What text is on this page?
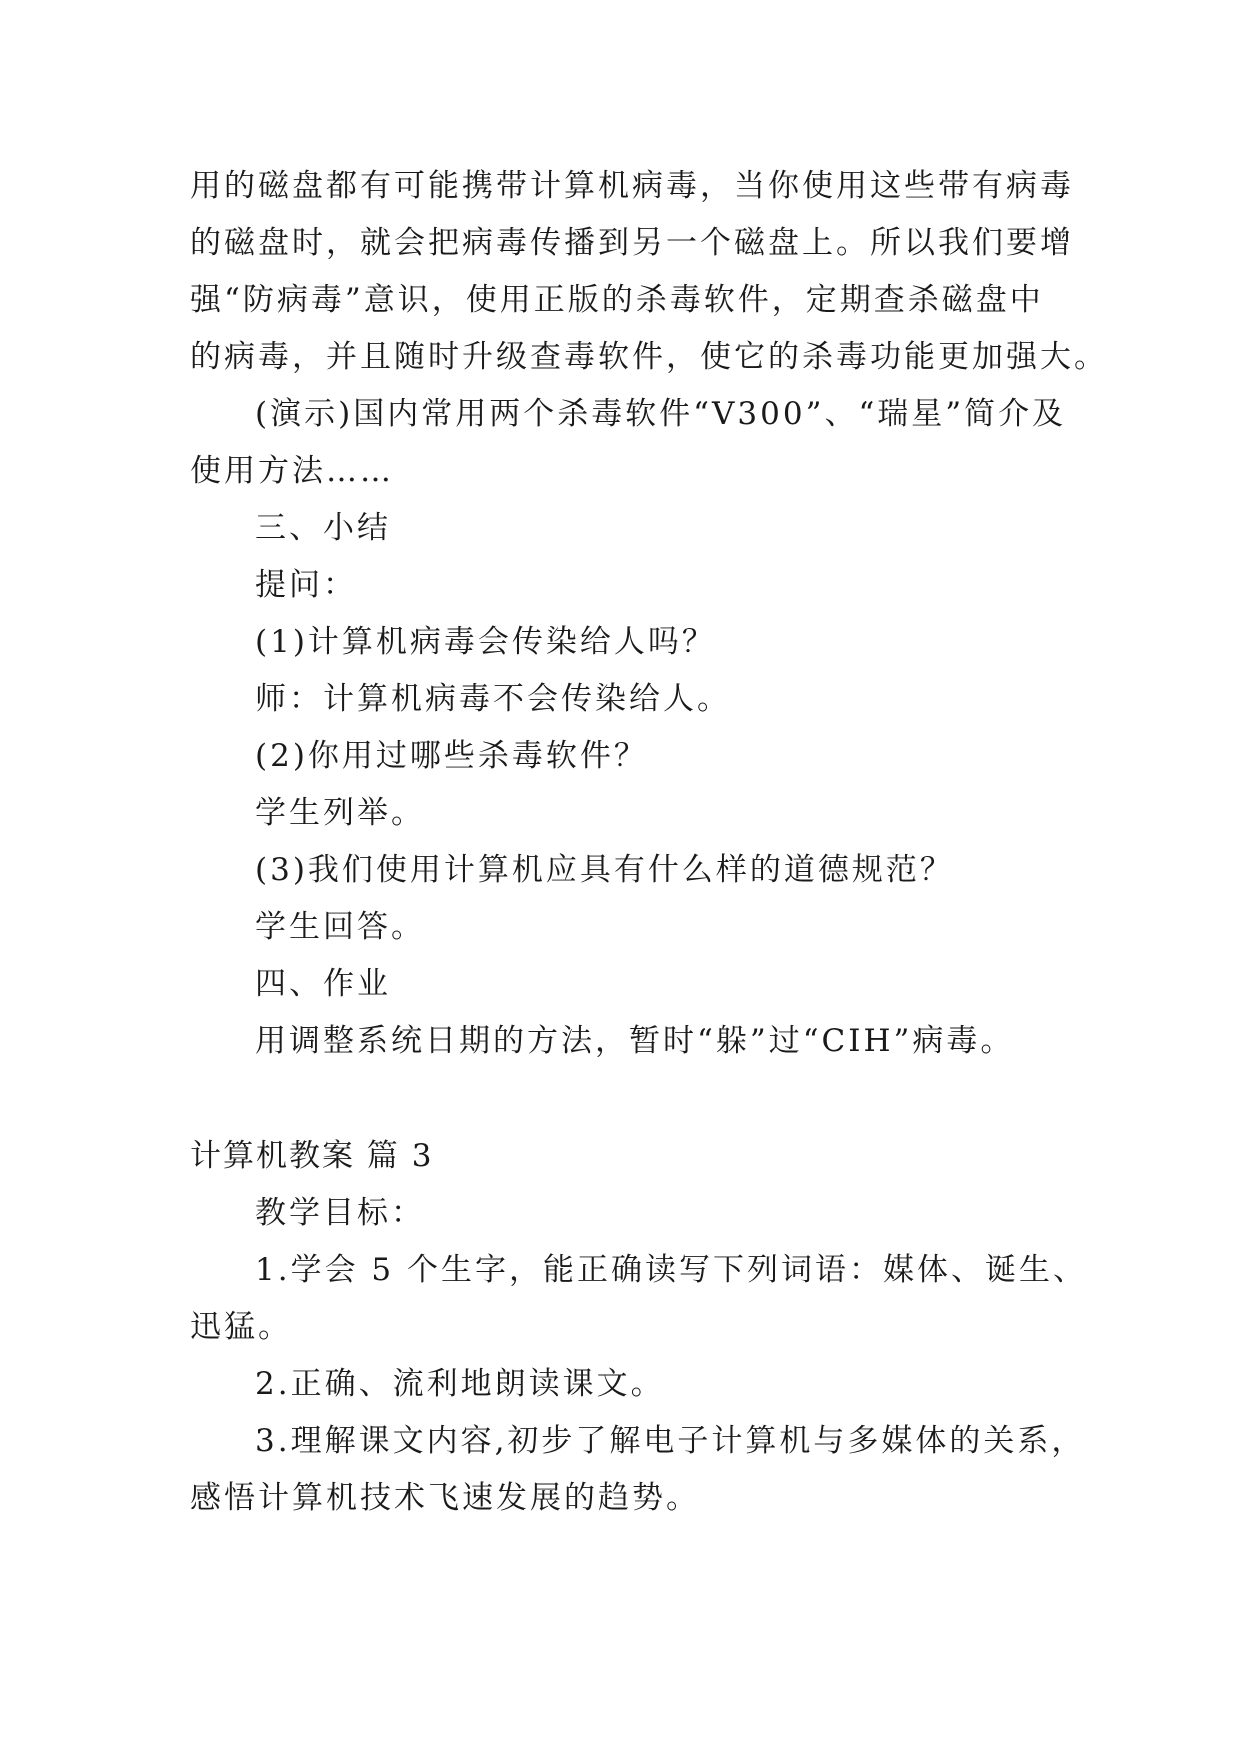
用的磁盘都有可能携带计算机病毒，当你使用这些带有病毒
的磁盘时，就会把病毒传播到另一个磁盘上。所以我们要增
强“防病毒”意识，使用正版的杀毒软件，定期查杀磁盘中
的病毒，并且随时升级查毒软件，使它的杀毒功能更加强大。
(演示)国内常用两个杀毒软件“V300”、“瑞星”简介及
使用方法……
三、小结
提问：
(1)计算机病毒会传染给人吗？
师：计算机病毒不会传染给人。
(2)你用过哪些杀毒软件？
学生列举。
(3)我们使用计算机应具有什么样的道德规范？
学生回答。
四、作业
用调整系统日期的方法，暂时“躲”过“CIH”病毒。
计算机教案 篇 3
教学目标：
1.学会 5 个生字，能正确读写下列词语：媒体、诞生、
迅猛。
2.正确、流利地朗读课文。
3.理解课文内容,初步了解电子计算机与多媒体的关系，
感悟计算机技术飞速发展的趋势。
